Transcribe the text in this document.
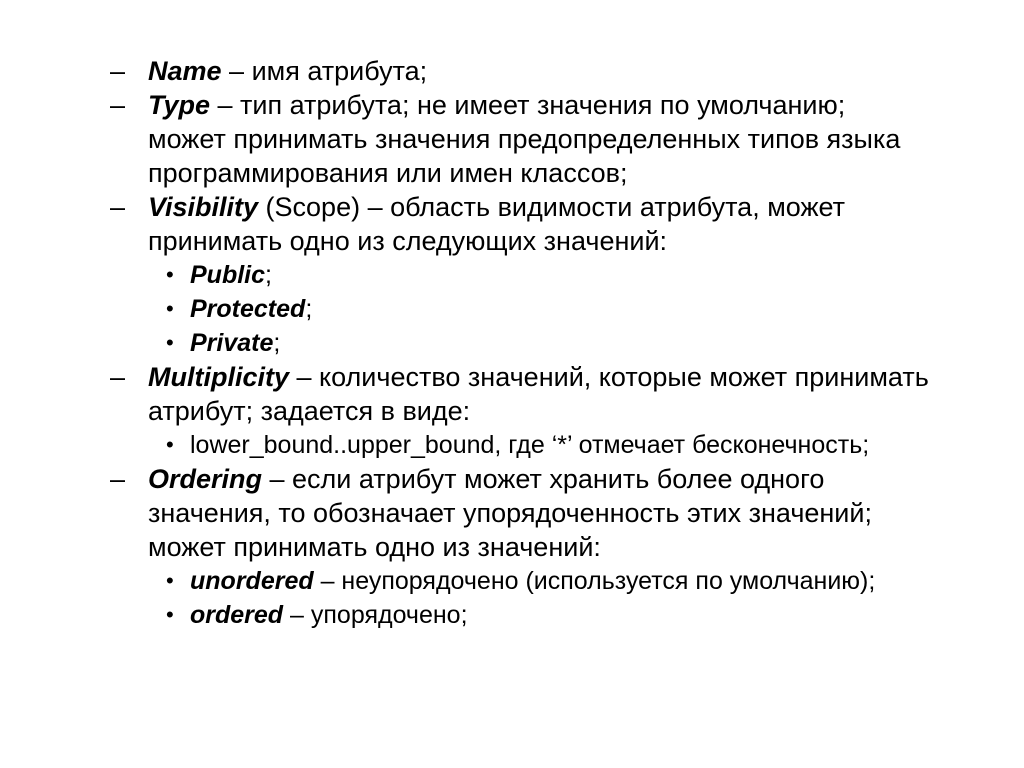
– Name – имя атрибута;
– Type – тип атрибута; не имеет значения по умолчанию; может принимать значения предопределенных типов языка программирования или имен классов;
– Visibility (Scope) – область видимости атрибута, может принимать одно из следующих значений:
• Public;
• Protected;
• Private;
– Multiplicity – количество значений, которые может принимать атрибут; задается в виде:
• lower_bound..upper_bound, где ‘*’ отмечает бесконечность;
– Ordering – если атрибут может хранить более одного значения, то обозначает упорядоченность этих значений; может принимать одно из значений:
• unordered – неупорядочено (используется по умолчанию);
• ordered – упорядочено;
